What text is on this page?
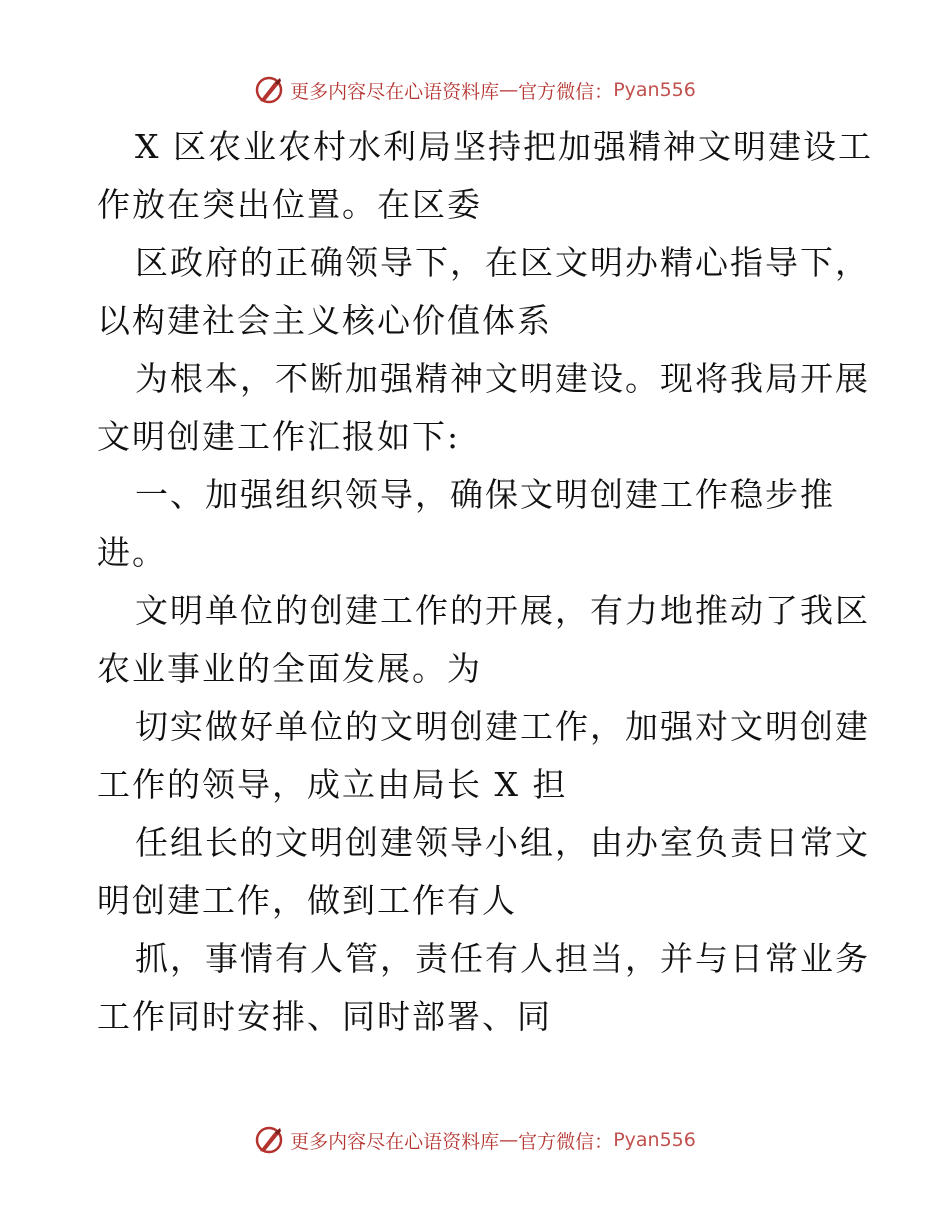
更多内容尽在心语资料库 — 官方微信： Pyan556

X 区农业农村水利局坚持把加强精神文明建设工
作放在突出位置。在区委

区政府的正确领导下，在区文明办精心指导下，
以构建社会主义核心价值体系

为根本，不断加强精神文明建设。现将我局开展
文明创建工作汇报如下:

一、加强组织领导，确保文明创建工作稳步推
进。

文明单位的创建工作的开展，有力地推动了我区
农业事业的全面发展。为

切实做好单位的文明创建工作，加强对文明创建
工作的领导，成立由局长 X 担

任组长的文明创建领导小组，由办室负责日常文
明创建工作，做到工作有人

抓，事情有人管，责任有人担当，并与日常业务
工作同时安排、同时部署、同

更多内容尽在心语资料库 — 官方微信： Pyan556
